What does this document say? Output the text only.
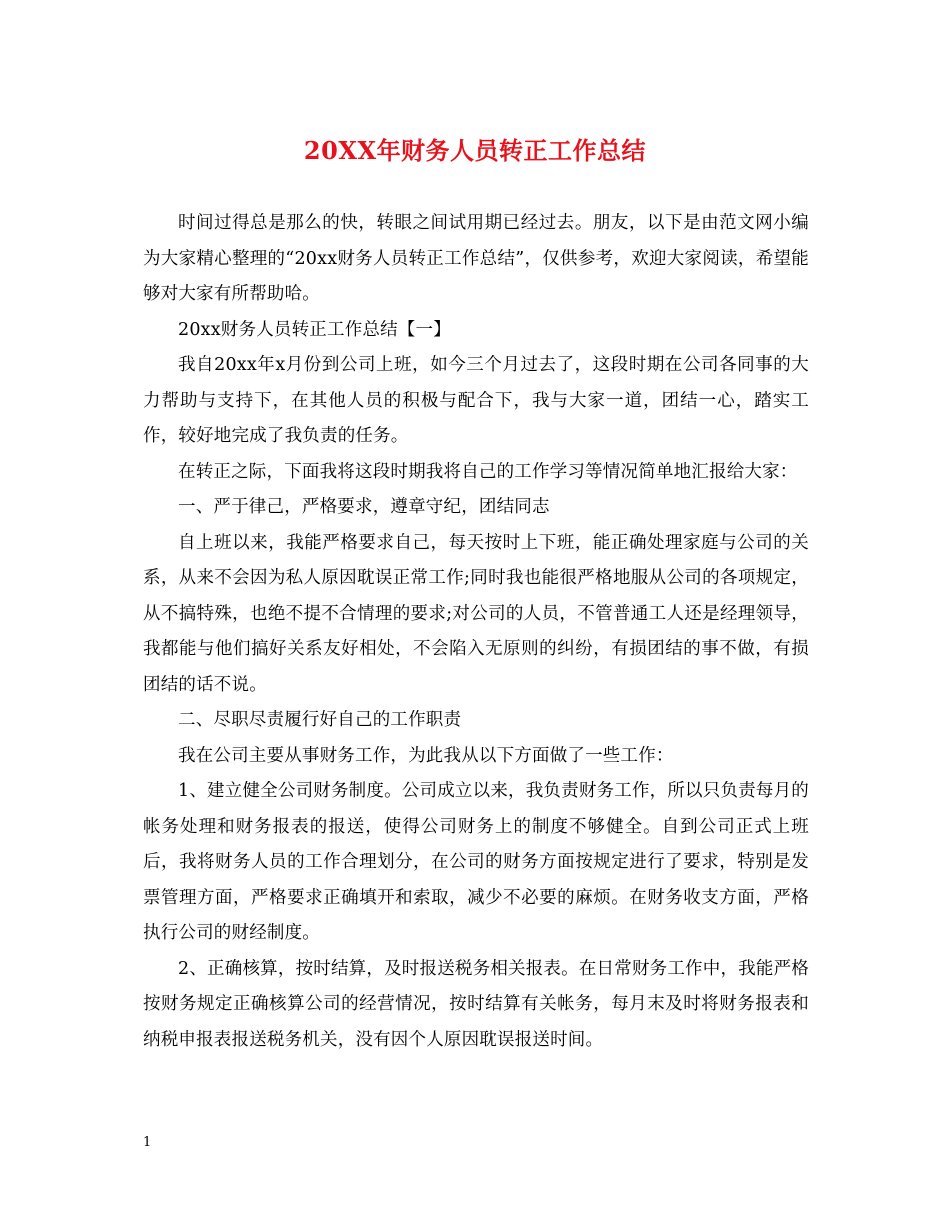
20XX年财务人员转正工作总结

时间过得总是那么的快，转眼之间试用期已经过去。朋友，以下是由范文网小编为大家精心整理的“20xx财务人员转正工作总结”，仅供参考，欢迎大家阅读，希望能够对大家有所帮助哈。

20xx财务人员转正工作总结【一】

我自20xx年x月份到公司上班，如今三个月过去了，这段时期在公司各同事的大力帮助与支持下，在其他人员的积极与配合下，我与大家一道，团结一心，踏实工作，较好地完成了我负责的任务。

在转正之际，下面我将这段时期我将自己的工作学习等情况简单地汇报给大家：

一、严于律己，严格要求，遵章守纪，团结同志

自上班以来，我能严格要求自己，每天按时上下班，能正确处理家庭与公司的关系，从来不会因为私人原因耽误正常工作;同时我也能很严格地服从公司的各项规定，从不搞特殊，也绝不提不合情理的要求;对公司的人员，不管普通工人还是经理领导，我都能与他们搞好关系友好相处，不会陷入无原则的纠纷，有损团结的事不做，有损团结的话不说。

二、尽职尽责履行好自己的工作职责

我在公司主要从事财务工作，为此我从以下方面做了一些工作：

1、建立健全公司财务制度。公司成立以来，我负责财务工作，所以只负责每月的帐务处理和财务报表的报送，使得公司财务上的制度不够健全。自到公司正式上班后，我将财务人员的工作合理划分，在公司的财务方面按规定进行了要求，特别是发票管理方面，严格要求正确填开和索取，减少不必要的麻烦。在财务收支方面，严格执行公司的财经制度。

2、正确核算，按时结算，及时报送税务相关报表。在日常财务工作中，我能严格按财务规定正确核算公司的经营情况，按时结算有关帐务，每月末及时将财务报表和纳税申报表报送税务机关，没有因个人原因耽误报送时间。

1
